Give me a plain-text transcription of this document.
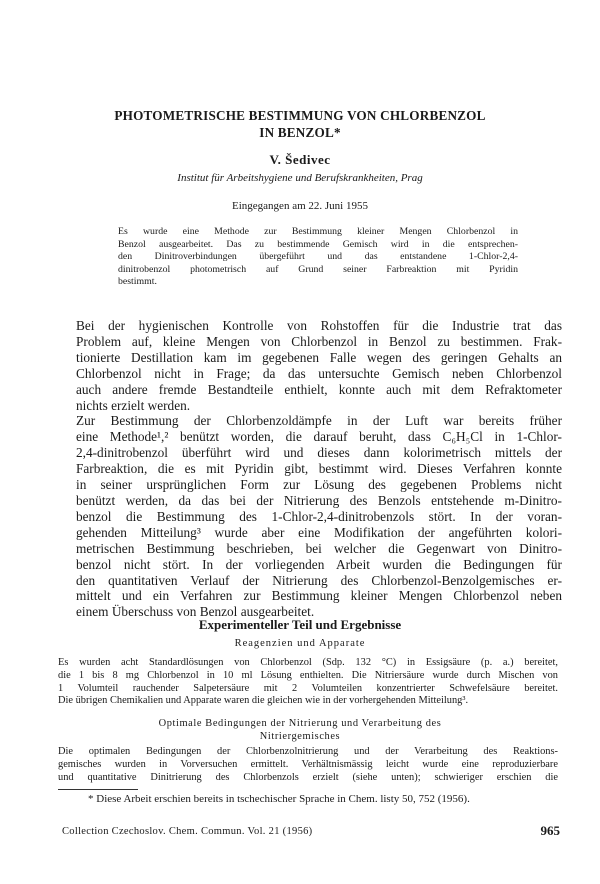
PHOTOMETRISCHE BESTIMMUNG VON CHLORBENZOL
IN BENZOL*
V. Šedivec
Institut für Arbeitshygiene und Berufskrankheiten, Prag
Eingegangen am 22. Juni 1955
Es wurde eine Methode zur Bestimmung kleiner Mengen Chlorbenzol in
Benzol ausgearbeitet. Das zu bestimmende Gemisch wird in die entsprechen-
den Dinitroverbindungen übergeführt und das entstandene 1-Chlor-2,4-
dinitrobenzol photometrisch auf Grund seiner Farbreaktion mit Pyridin
bestimmt.

Bei der hygienischen Kontrolle von Rohstoffen für die Industrie trat das
Problem auf, kleine Mengen von Chlorbenzol in Benzol zu bestimmen. Frak-
tionierte Destillation kam im gegebenen Falle wegen des geringen Gehalts an
Chlorbenzol nicht in Frage; da das untersuchte Gemisch neben Chlorbenzol
auch andere fremde Bestandteile enthielt, konnte auch mit dem Refraktometer
nichts erzielt werden.

Zur Bestimmung der Chlorbenzoldämpfe in der Luft war bereits früher
eine Methode¹,² benützt worden, die darauf beruht, dass C₆H₅Cl in 1-Chlor-
2,4-dinitrobenzol überführt wird und dieses dann kolorimetrisch mittels der
Farbreaktion, die es mit Pyridin gibt, bestimmt wird. Dieses Verfahren konnte
in seiner ursprünglichen Form zur Lösung des gegebenen Problems nicht
benützt werden, da das bei der Nitrierung des Benzols entstehende m-Dinitro-
benzol die Bestimmung des 1-Chlor-2,4-dinitrobenzols stört. In der voran-
gehenden Mitteilung³ wurde aber eine Modifikation der angeführten kolori-
metrischen Bestimmung beschrieben, bei welcher die Gegenwart von Dinitro-
benzol nicht stört. In der vorliegenden Arbeit wurden die Bedingungen für
den quantitativen Verlauf der Nitrierung des Chlorbenzol-Benzolgemisches er-
mittelt und ein Verfahren zur Bestimmung kleiner Mengen Chlorbenzol neben
einem Überschuss von Benzol ausgearbeitet.

Experimenteller Teil und Ergebnisse
Reagenzien und Apparate
Es wurden acht Standardlösungen von Chlorbenzol (Sdp. 132 °C) in Essigsäure (p. a.) bereitet,
die 1 bis 8 mg Chlorbenzol in 10 ml Lösung enthielten. Die Nitriersäure wurde durch Mischen von
1 Volumteil rauchender Salpetersäure mit 2 Volumteilen konzentrierter Schwefelsäure bereitet.
Die übrigen Chemikalien und Apparate waren die gleichen wie in der vorhergehenden Mitteilung³.
Optimale Bedingungen der Nitrierung und Verarbeitung des
Nitriergemisches
Die optimalen Bedingungen der Chlorbenzolnitrierung und der Verarbeitung des Reaktions-
gemisches wurden in Vorversuchen ermittelt. Verhältnismässig leicht wurde eine reproduzierbare
und quantitative Dinitrierung des Chlorbenzols erzielt (siehe unten); schwieriger erschien die
* Diese Arbeit erschien bereits in tschechischer Sprache in Chem. listy 50, 752 (1956).
Collection Czechoslov. Chem. Commun. Vol. 21 (1956)	965
